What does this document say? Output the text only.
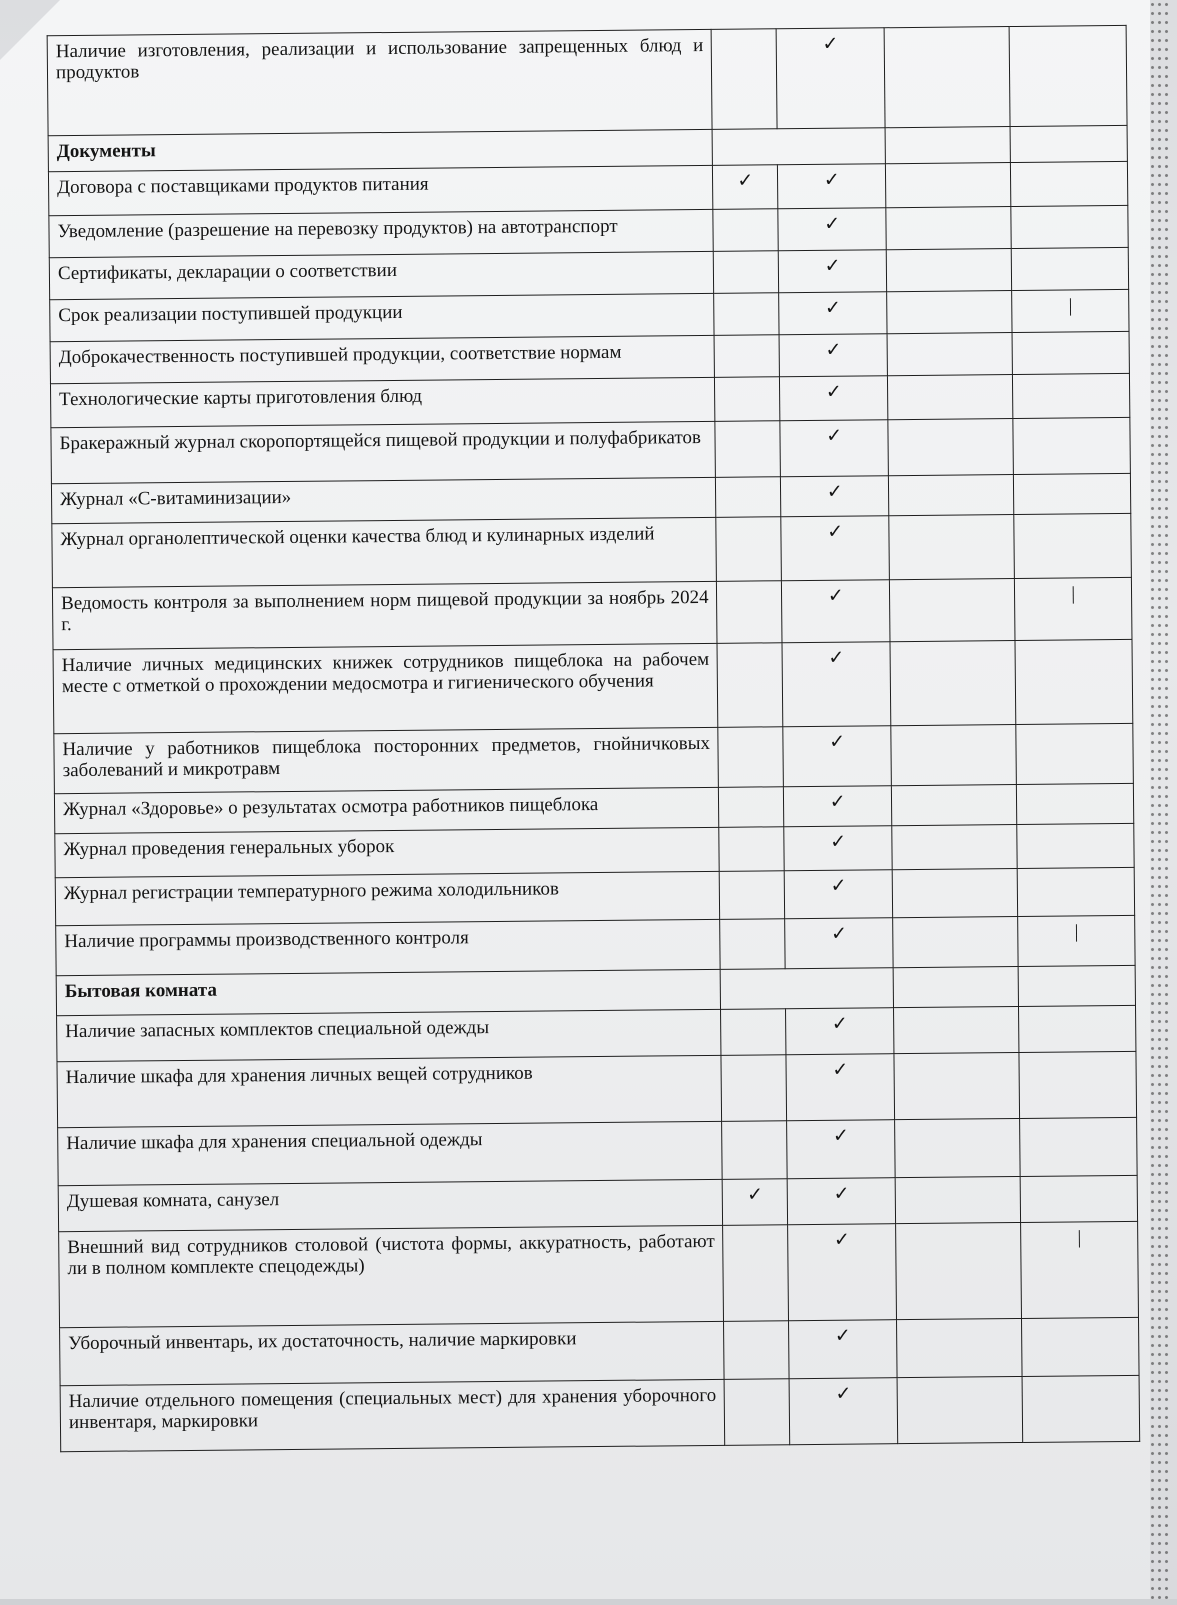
Наличие изготовления, реализации и использование запрещенных блюд и продуктов		✓		
Документы				
Договора с поставщиками продуктов питания	✓	✓		
Уведомление (разрешение на перевозку продуктов) на автотранспорт		✓		
Сертификаты, декларации о соответствии		✓		
Срок реализации поступившей продукции		✓		|
Доброкачественность поступившей продукции, соответствие нормам		✓		
Технологические карты приготовления блюд		✓		
Бракеражный журнал скоропортящейся пищевой продукции и полуфабрикатов		✓		
Журнал «С-витаминизации»		✓		
Журнал органолептической оценки качества блюд и кулинарных изделий		✓		
Ведомость контроля за выполнением норм пищевой продукции за ноябрь 2024 г.		✓		|
Наличие личных медицинских книжек сотрудников пищеблока на рабочем месте с отметкой о прохождении медосмотра и гигиенического обучения		✓		
Наличие у работников пищеблока посторонних предметов, гнойничковых заболеваний и микротравм		✓		
Журнал «Здоровье» о результатах осмотра работников пищеблока		✓		
Журнал проведения генеральных уборок		✓		
Журнал регистрации температурного режима холодильников		✓		
Наличие программы производственного контроля		✓		|
Бытовая комната				
Наличие запасных комплектов специальной одежды		✓		
Наличие шкафа для хранения личных вещей сотрудников		✓		
Наличие шкафа для хранения специальной одежды		✓		
Душевая комната, санузел	✓	✓		
Внешний вид сотрудников столовой (чистота формы, аккуратность, работают ли в полном комплекте спецодежды)		✓		|
Уборочный инвентарь, их достаточность, наличие маркировки		✓		
Наличие отдельного помещения (специальных мест) для хранения уборочного инвентаря, маркировки		✓		
